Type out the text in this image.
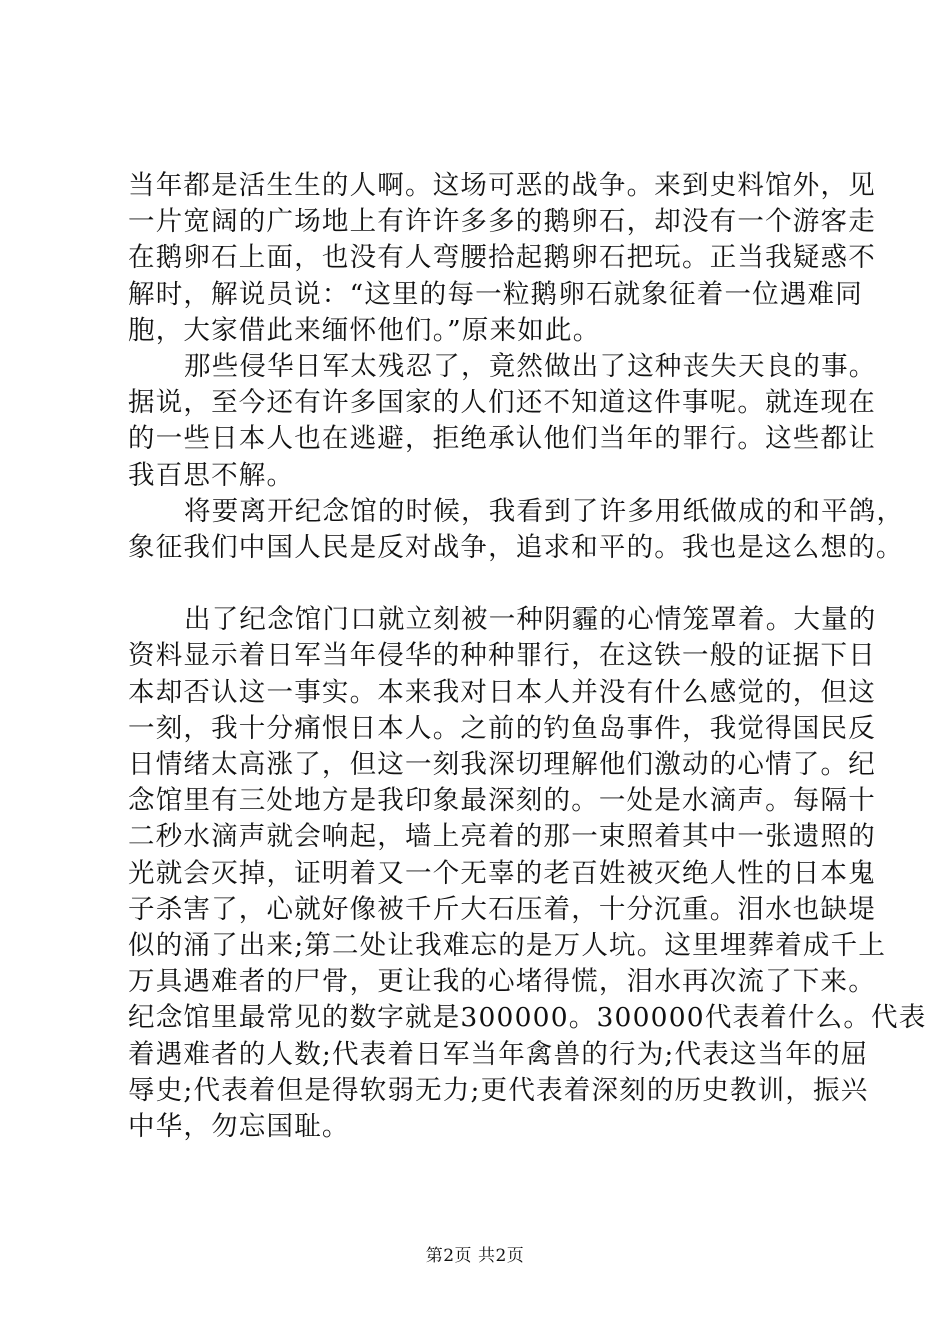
当年都是活生生的人啊。这场可恶的战争。来到史料馆外，见
一片宽阔的广场地上有许许多多的鹅卵石，却没有一个游客走
在鹅卵石上面，也没有人弯腰拾起鹅卵石把玩。正当我疑惑不
解时，解说员说：“这里的每一粒鹅卵石就象征着一位遇难同
胞，大家借此来缅怀他们。”原来如此。
那些侵华日军太残忍了，竟然做出了这种丧失天良的事。
据说，至今还有许多国家的人们还不知道这件事呢。就连现在
的一些日本人也在逃避，拒绝承认他们当年的罪行。这些都让
我百思不解。
将要离开纪念馆的时候，我看到了许多用纸做成的和平鸽，
象征我们中国人民是反对战争，追求和平的。我也是这么想的。
出了纪念馆门口就立刻被一种阴霾的心情笼罩着。大量的
资料显示着日军当年侵华的种种罪行，在这铁一般的证据下日
本却否认这一事实。本来我对日本人并没有什么感觉的，但这
一刻，我十分痛恨日本人。之前的钓鱼岛事件，我觉得国民反
日情绪太高涨了，但这一刻我深切理解他们激动的心情了。纪
念馆里有三处地方是我印象最深刻的。一处是水滴声。每隔十
二秒水滴声就会响起，墙上亮着的那一束照着其中一张遗照的
光就会灭掉，证明着又一个无辜的老百姓被灭绝人性的日本鬼
子杀害了，心就好像被千斤大石压着，十分沉重。泪水也缺堤
似的涌了出来;第二处让我难忘的是万人坑。这里埋葬着成千上
万具遇难者的尸骨，更让我的心堵得慌，泪水再次流了下来。
纪念馆里最常见的数字就是300000。300000代表着什么。代表
着遇难者的人数;代表着日军当年禽兽的行为;代表这当年的屈
辱史;代表着但是得软弱无力;更代表着深刻的历史教训，振兴
中华，勿忘国耻。
第2页 共2页
